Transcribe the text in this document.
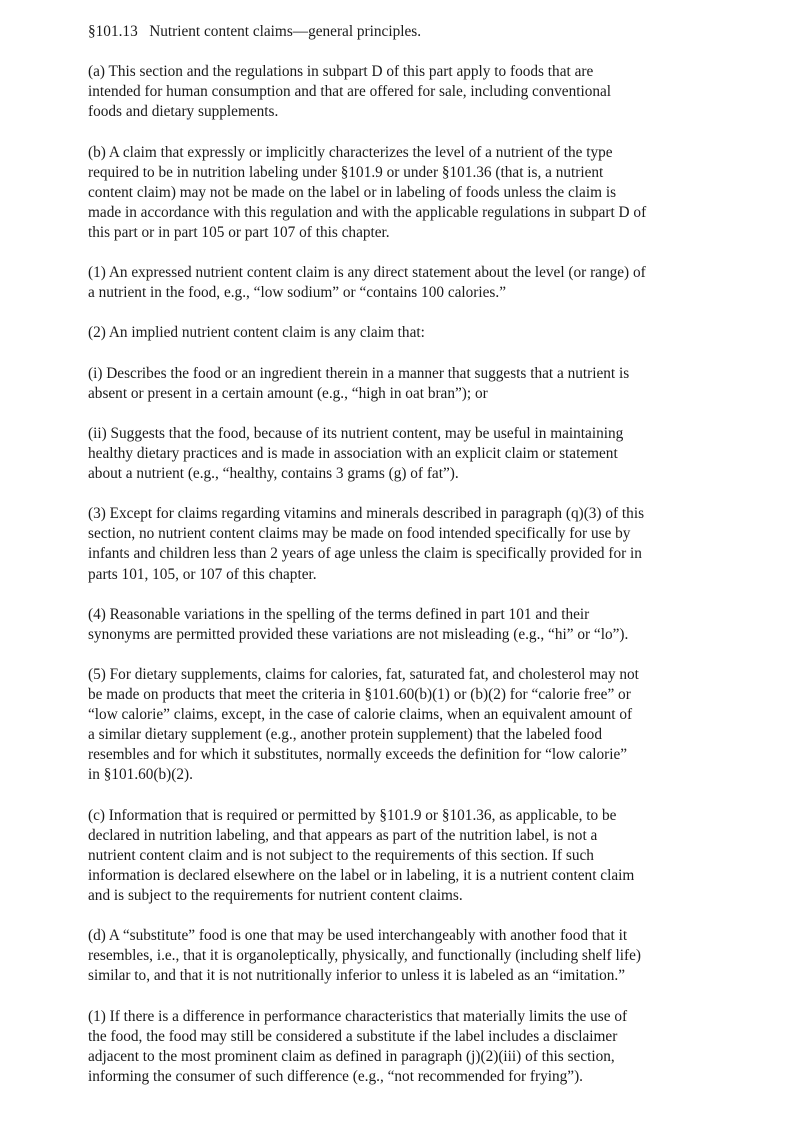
§101.13 Nutrient content claims—general principles.
(a) This section and the regulations in subpart D of this part apply to foods that are
intended for human consumption and that are offered for sale, including conventional
foods and dietary supplements.
(b) A claim that expressly or implicitly characterizes the level of a nutrient of the type
required to be in nutrition labeling under §101.9 or under §101.36 (that is, a nutrient
content claim) may not be made on the label or in labeling of foods unless the claim is
made in accordance with this regulation and with the applicable regulations in subpart D of
this part or in part 105 or part 107 of this chapter.
(1) An expressed nutrient content claim is any direct statement about the level (or range) of
a nutrient in the food, e.g., “low sodium” or “contains 100 calories.”
(2) An implied nutrient content claim is any claim that:
(i) Describes the food or an ingredient therein in a manner that suggests that a nutrient is
absent or present in a certain amount (e.g., “high in oat bran”); or
(ii) Suggests that the food, because of its nutrient content, may be useful in maintaining
healthy dietary practices and is made in association with an explicit claim or statement
about a nutrient (e.g., “healthy, contains 3 grams (g) of fat”).
(3) Except for claims regarding vitamins and minerals described in paragraph (q)(3) of this
section, no nutrient content claims may be made on food intended specifically for use by
infants and children less than 2 years of age unless the claim is specifically provided for in
parts 101, 105, or 107 of this chapter.
(4) Reasonable variations in the spelling of the terms defined in part 101 and their
synonyms are permitted provided these variations are not misleading (e.g., “hi” or “lo”).
(5) For dietary supplements, claims for calories, fat, saturated fat, and cholesterol may not
be made on products that meet the criteria in §101.60(b)(1) or (b)(2) for “calorie free” or
“low calorie” claims, except, in the case of calorie claims, when an equivalent amount of
a similar dietary supplement (e.g., another protein supplement) that the labeled food
resembles and for which it substitutes, normally exceeds the definition for “low calorie”
in §101.60(b)(2).
(c) Information that is required or permitted by §101.9 or §101.36, as applicable, to be
declared in nutrition labeling, and that appears as part of the nutrition label, is not a
nutrient content claim and is not subject to the requirements of this section. If such
information is declared elsewhere on the label or in labeling, it is a nutrient content claim
and is subject to the requirements for nutrient content claims.
(d) A “substitute” food is one that may be used interchangeably with another food that it
resembles, i.e., that it is organoleptically, physically, and functionally (including shelf life)
similar to, and that it is not nutritionally inferior to unless it is labeled as an “imitation.”
(1) If there is a difference in performance characteristics that materially limits the use of
the food, the food may still be considered a substitute if the label includes a disclaimer
adjacent to the most prominent claim as defined in paragraph (j)(2)(iii) of this section,
informing the consumer of such difference (e.g., “not recommended for frying”).
